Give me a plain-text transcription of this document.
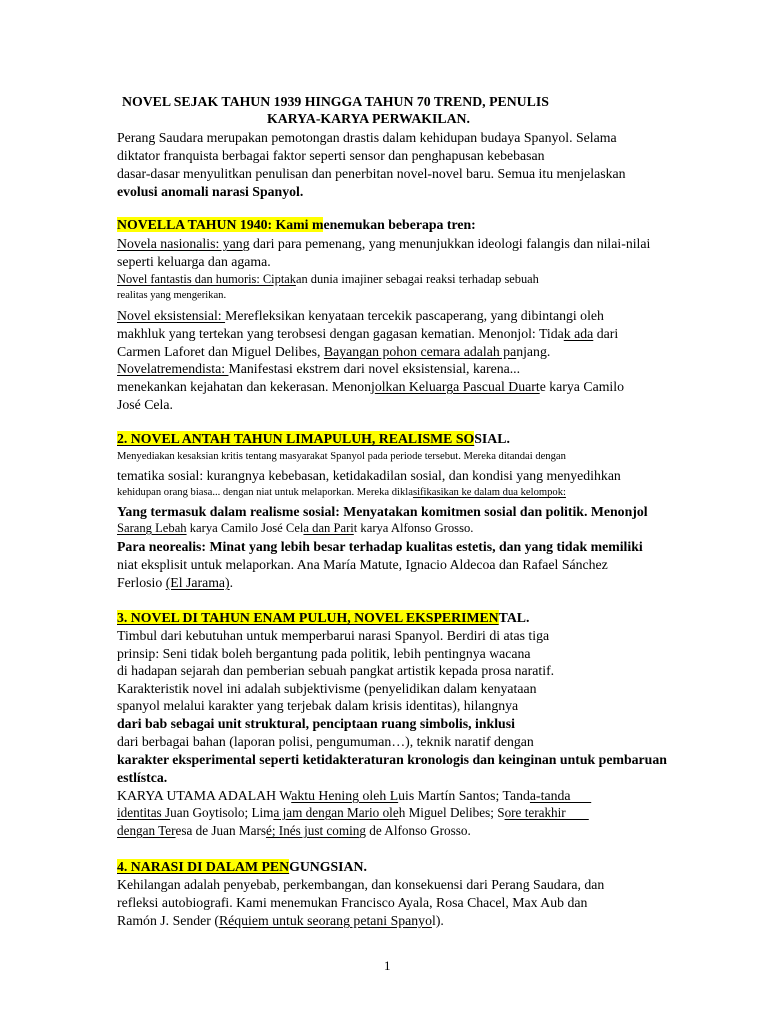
NOVEL SEJAK TAHUN 1939 HINGGA TAHUN 70 TREND, PENULIS
KARYA-KARYA PERWAKILAN.
Perang Saudara merupakan pemotongan drastis dalam kehidupan budaya Spanyol. Selama
diktator franquista berbagai faktor seperti sensor dan penghapusan kebebasan
dasar-dasar menyulitkan penulisan dan penerbitan novel-novel baru. Semua itu menjelaskan
evolusi anomali narasi Spanyol.
NOVELLA TAHUN 1940: Kami menemukan beberapa tren:
Novela nasionalis: yang dari para pemenang, yang menunjukkan ideologi falangis dan nilai-nilai
seperti keluarga dan agama.
Novel fantastis dan humoris: Ciptakan dunia imajiner sebagai reaksi terhadap sebuah
realitas yang mengerikan.
Novel eksistensial: Merefleksikan kenyataan tercekik pascaperang, yang dibintangi oleh
makhluk yang tertekan yang terobsesi dengan gagasan kematian. Menonjol: Tidak ada dari
Carmen Laforet dan Miguel Delibes, Bayangan pohon cemara adalah panjang.
Novelatremendista: Manifestasi ekstrem dari novel eksistensial, karena...
menekankan kejahatan dan kekerasan. Menonjolkan Keluarga Pascual Duarte karya Camilo
José Cela.
2. NOVEL ANTAH TAHUN LIMAPULUH, REALISME SOSIAL.
Menyediakan kesaksian kritis tentang masyarakat Spanyol pada periode tersebut. Mereka ditandai dengan
tematika sosial: kurangnya kebebasan, ketidakadilan sosial, dan kondisi yang menyedihkan
kehidupan orang biasa... dengan niat untuk melaporkan. Mereka diklasifikasikan ke dalam dua kelompok:
Yang termasuk dalam realisme sosial: Menyatakan komitmen sosial dan politik. Menonjol
Sarang Lebah karya Camilo José Cela dan Parit karya Alfonso Grosso.
Para neorealis: Minat yang lebih besar terhadap kualitas estetis, dan yang tidak memiliki
niat eksplisit untuk melaporkan. Ana María Matute, Ignacio Aldecoa dan Rafael Sánchez
Ferlosio (El Jarama).
3. NOVEL DI TAHUN ENAM PULUH, NOVEL EKSPERIMENTAL.
Timbul dari kebutuhan untuk memperbarui narasi Spanyol. Berdiri di atas tiga
prinsip: Seni tidak boleh bergantung pada politik, lebih pentingnya wacana
di hadapan sejarah dan pemberian sebuah pangkat artistik kepada prosa naratif.
Karakteristik novel ini adalah subjektivisme (penyelidikan dalam kenyataan
spanyol melalui karakter yang terjebak dalam krisis identitas), hilangnya
dari bab sebagai unit struktural, penciptaan ruang simbolis, inklusi
dari berbagai bahan (laporan polisi, pengumuman…), teknik naratif dengan
karakter eksperimental seperti ketidakteraturan kronologis dan keinginan untuk pembaruan
estlístca.
KARYA UTAMA ADALAH Waktu Hening oleh Luis Martín Santos; Tanda-tanda
identitas Juan Goytisolo; Lima jam dengan Mario oleh Miguel Delibes; Sore terakhir
dengan Teresa de Juan Marsé; Inés just coming de Alfonso Grosso.
4. NARASI DI DALAM PENGUNGSIAN.
Kehilangan adalah penyebab, perkembangan, dan konsekuensi dari Perang Saudara, dan
refleksi autobiografi. Kami menemukan Francisco Ayala, Rosa Chacel, Max Aub dan
Ramón J. Sender (Réquiem untuk seorang petani Spanyol).
1
